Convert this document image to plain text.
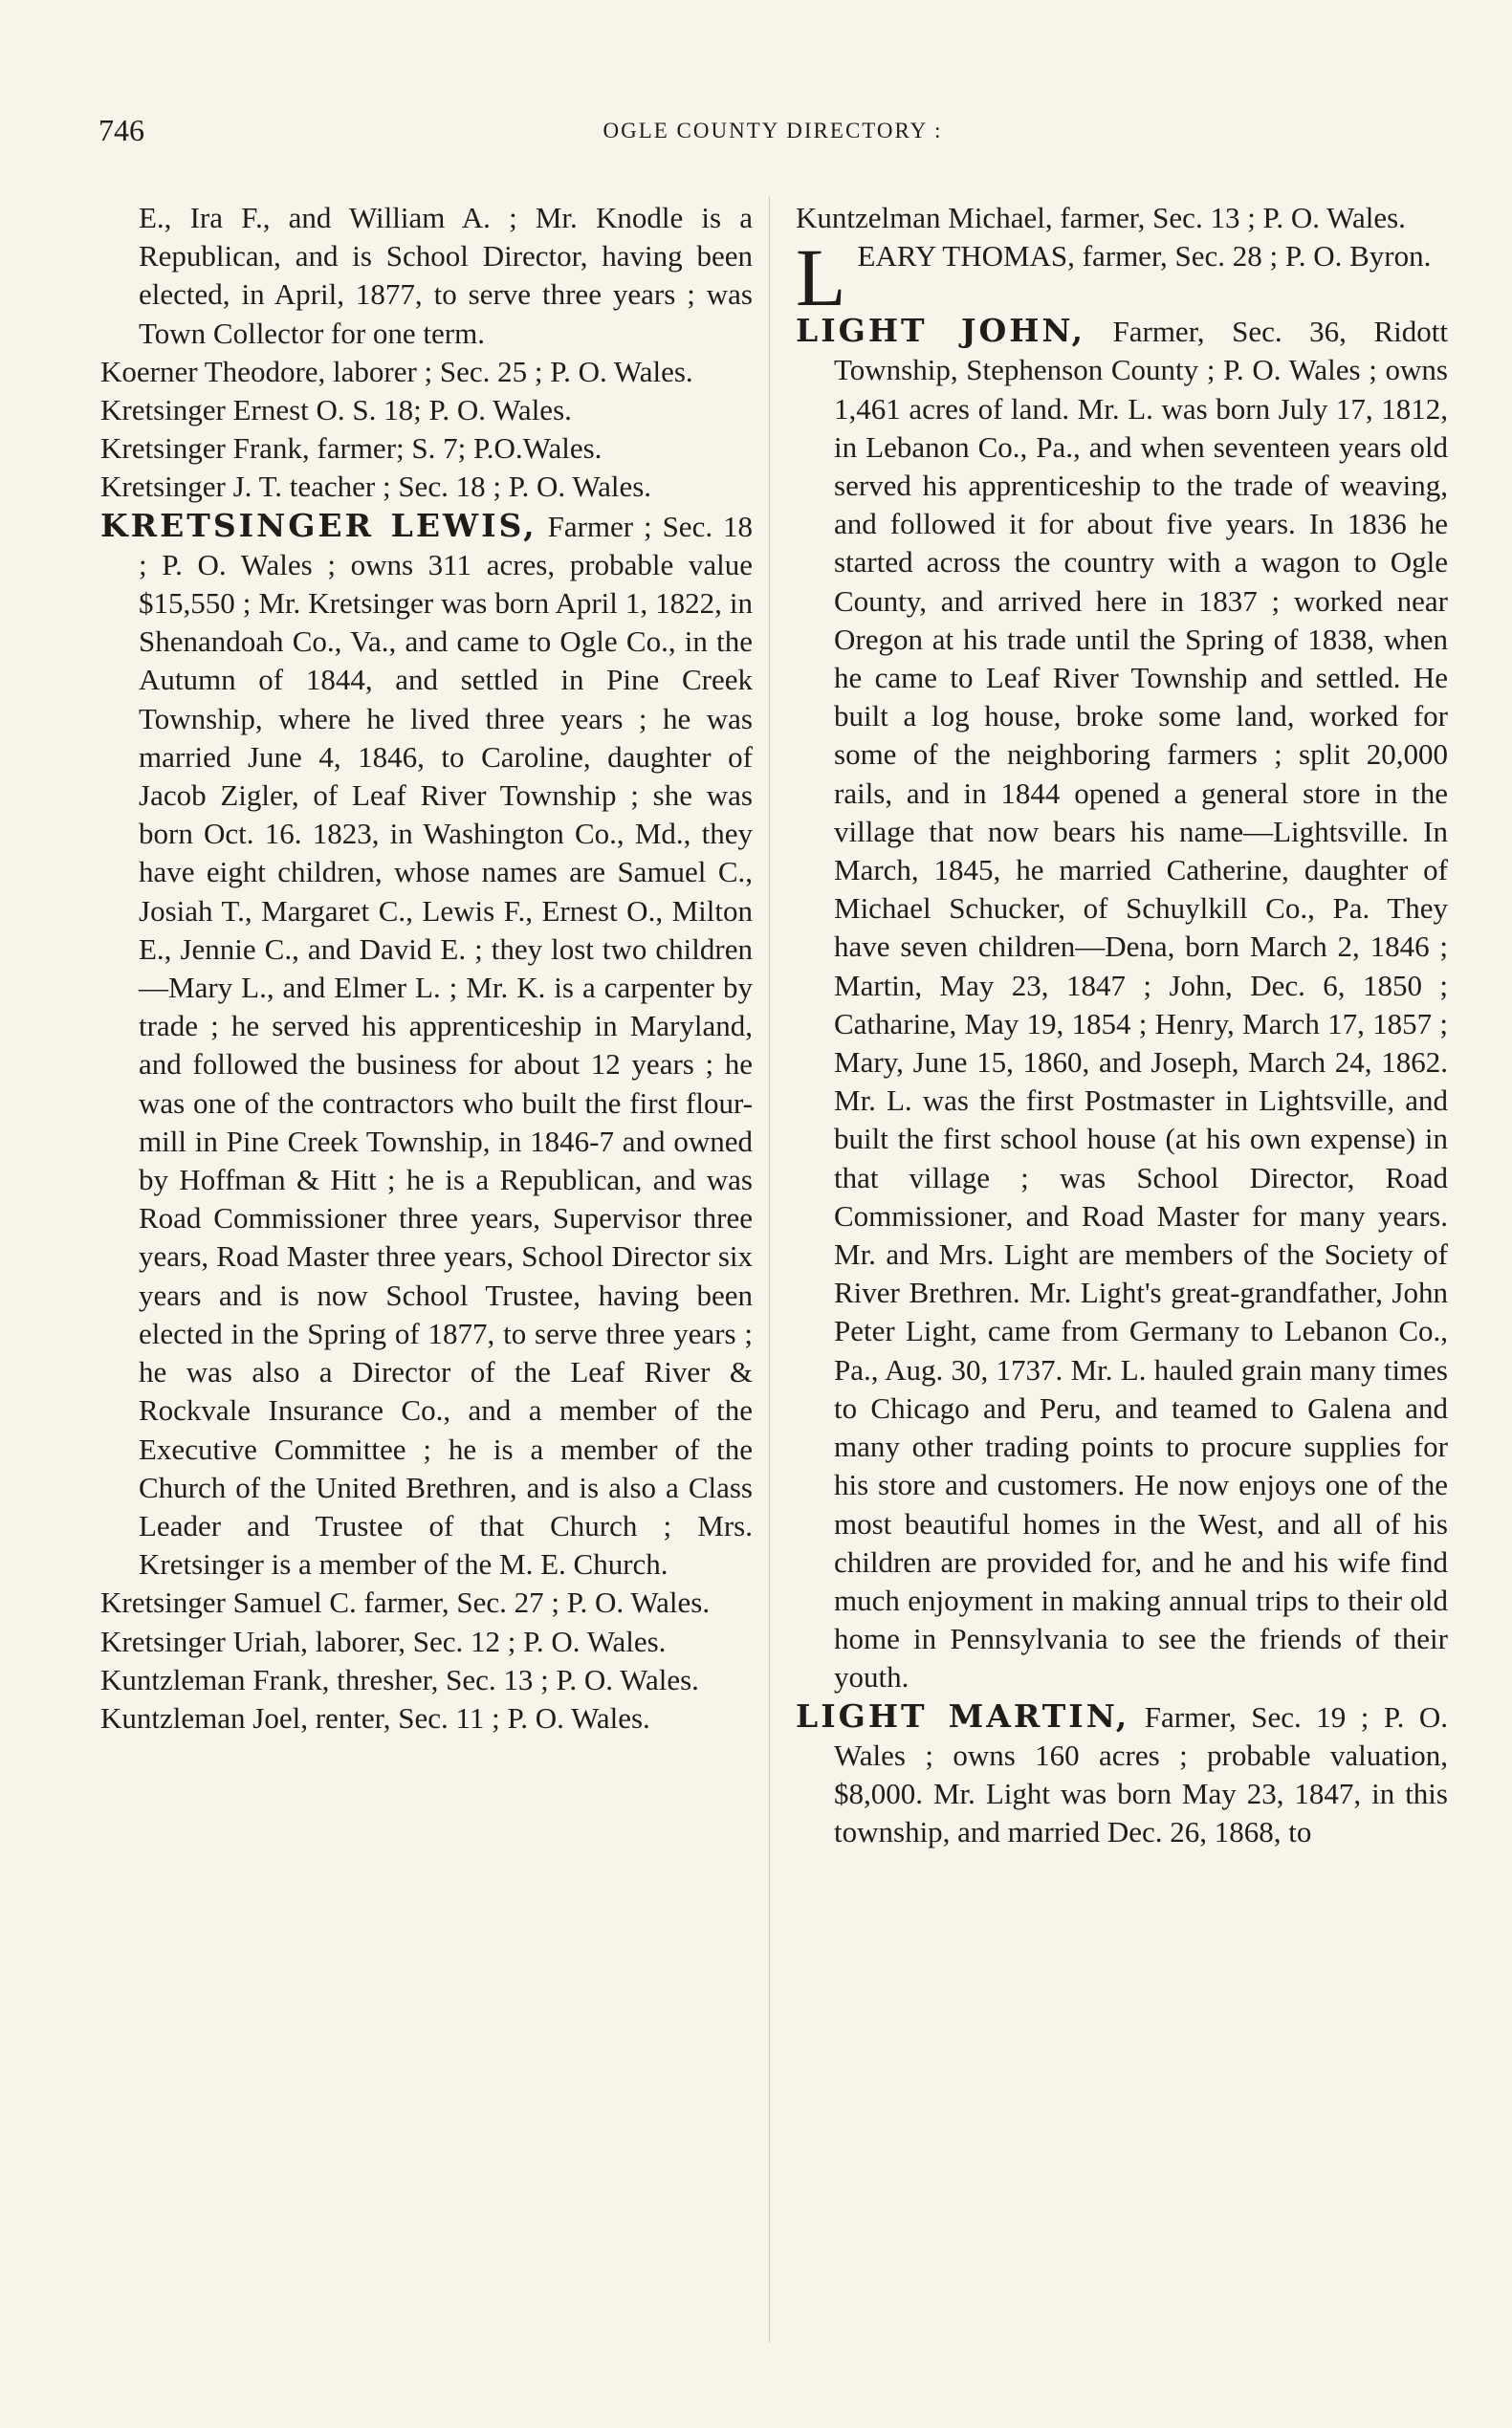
746	OGLE COUNTY DIRECTORY :

E., Ira F., and William A. ; Mr. Knodle is a Republican, and is School Director, having been elected, in April, 1877, to serve three years ; was Town Collector for one term.

Koerner Theodore, laborer ; Sec. 25 ; P. O. Wales.

Kretsinger Ernest O. S. 18; P. O. Wales.

Kretsinger Frank, farmer; S. 7; P.O.Wales.

Kretsinger J. T. teacher ; Sec. 18 ; P. O. Wales.

KRETSINGER LEWIS, Farmer ; Sec. 18 ; P. O. Wales ; owns 311 acres, probable value $15,550 ; Mr. Kretsinger was born April 1, 1822, in Shenandoah Co., Va., and came to Ogle Co., in the Autumn of 1844, and settled in Pine Creek Township, where he lived three years ; he was married June 4, 1846, to Caroline, daughter of Jacob Zigler, of Leaf River Township ; she was born Oct. 16. 1823, in Washington Co., Md., they have eight children, whose names are Samuel C., Josiah T., Margaret C., Lewis F., Ernest O., Milton E., Jennie C., and David E. ; they lost two children—Mary L., and Elmer L. ; Mr. K. is a carpenter by trade ; he served his apprenticeship in Maryland, and followed the business for about 12 years ; he was one of the contractors who built the first flour-mill in Pine Creek Township, in 1846-7 and owned by Hoffman & Hitt ; he is a Republican, and was Road Commissioner three years, Supervisor three years, Road Master three years, School Director six years and is now School Trustee, having been elected in the Spring of 1877, to serve three years ; he was also a Director of the Leaf River & Rockvale Insurance Co., and a member of the Executive Committee ; he is a member of the Church of the United Brethren, and is also a Class Leader and Trustee of that Church ; Mrs. Kretsinger is a member of the M. E. Church.

Kretsinger Samuel C. farmer, Sec. 27 ; P. O. Wales.

Kretsinger Uriah, laborer, Sec. 12 ; P. O. Wales.

Kuntzleman Frank, thresher, Sec. 13 ; P. O. Wales.

Kuntzleman Joel, renter, Sec. 11 ; P. O. Wales.

Kuntzelman Michael, farmer, Sec. 13 ; P. O. Wales.

L EARY THOMAS, farmer, Sec. 28 ; P. O. Byron.

LIGHT JOHN, Farmer, Sec. 36, Ridott Township, Stephenson County ; P. O. Wales ; owns 1,461 acres of land. Mr. L. was born July 17, 1812, in Lebanon Co., Pa., and when seventeen years old served his apprenticeship to the trade of weaving, and followed it for about five years. In 1836 he started across the country with a wagon to Ogle County, and arrived here in 1837 ; worked near Oregon at his trade until the Spring of 1838, when he came to Leaf River Township and settled. He built a log house, broke some land, worked for some of the neighboring farmers ; split 20,000 rails, and in 1844 opened a general store in the village that now bears his name—Lightsville. In March, 1845, he married Catherine, daughter of Michael Schucker, of Schuylkill Co., Pa. They have seven children—Dena, born March 2, 1846 ; Martin, May 23, 1847 ; John, Dec. 6, 1850 ; Catharine, May 19, 1854 ; Henry, March 17, 1857 ; Mary, June 15, 1860, and Joseph, March 24, 1862. Mr. L. was the first Postmaster in Lightsville, and built the first school house (at his own expense) in that village ; was School Director, Road Commissioner, and Road Master for many years. Mr. and Mrs. Light are members of the Society of River Brethren. Mr. Light's great-grandfather, John Peter Light, came from Germany to Lebanon Co., Pa., Aug. 30, 1737. Mr. L. hauled grain many times to Chicago and Peru, and teamed to Galena and many other trading points to procure supplies for his store and customers. He now enjoys one of the most beautiful homes in the West, and all of his children are provided for, and he and his wife find much enjoyment in making annual trips to their old home in Pennsylvania to see the friends of their youth.

LIGHT MARTIN, Farmer, Sec. 19 ; P. O. Wales ; owns 160 acres ; probable valuation, $8,000. Mr. Light was born May 23, 1847, in this township, and married Dec. 26, 1868, to
